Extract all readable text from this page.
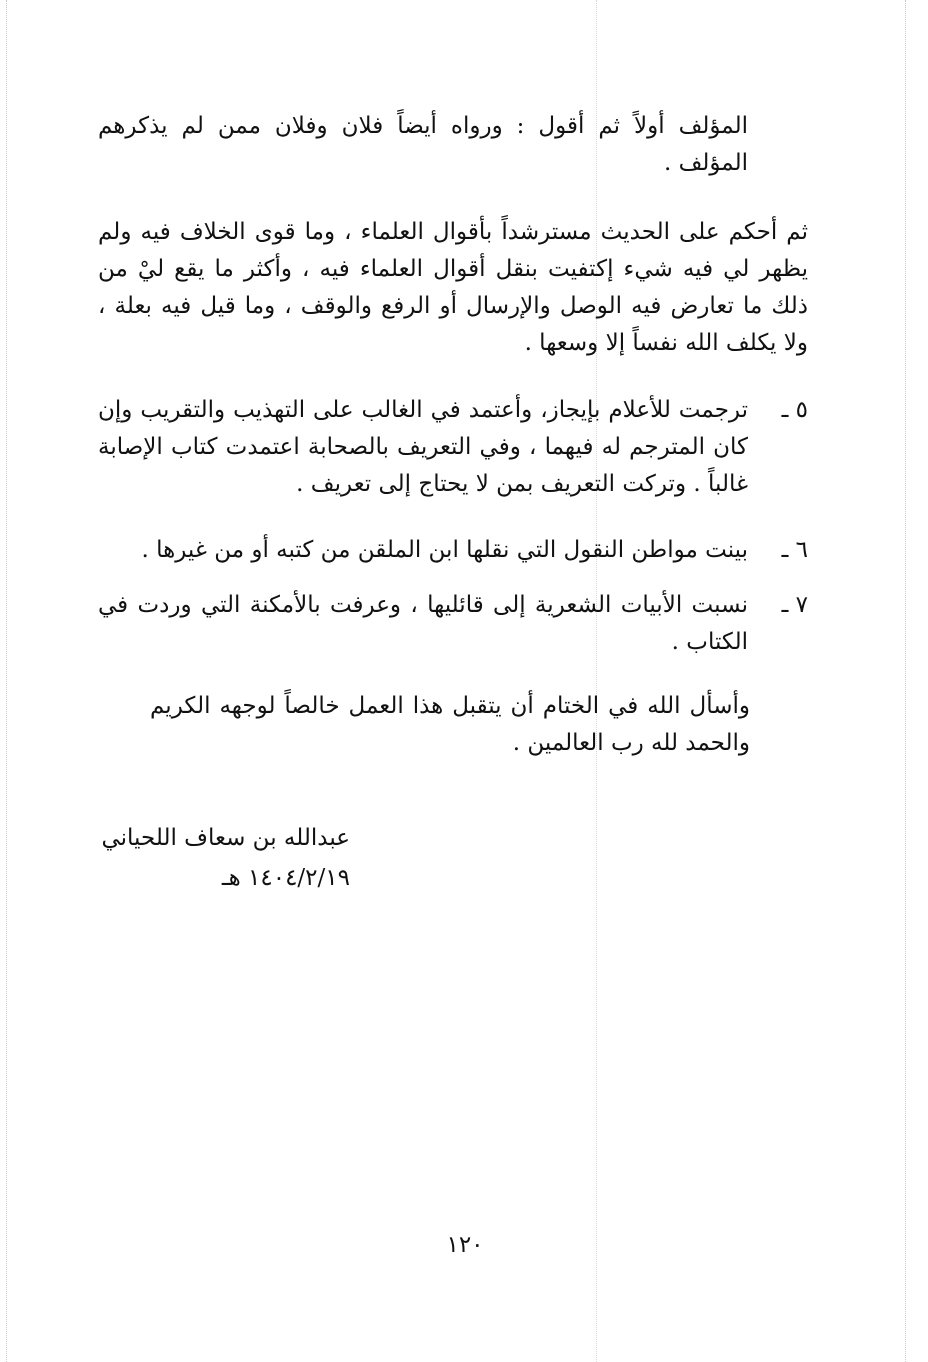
المؤلف أولاً ثم أقول : ورواه أيضاً فلان وفلان ممن لم يذكرهم
المؤلف .
ثم أحكم على الحديث مسترشداً بأقوال العلماء ، وما قوى الخلاف فيه ولم
يظهر لي فيه شيء إكتفيت بنقل أقوال العلماء فيه ، وأكثر ما يقع ليْ من
ذلك ما تعارض فيه الوصل والإرسال أو الرفع والوقف ، وما قيل فيه بعلة ،
ولا يكلف الله نفساً إلا وسعها .
٥ ـ
ترجمت للأعلام بإيجاز، وأعتمد في الغالب على التهذيب والتقريب وإن
كان المترجم له فيهما ، وفي التعريف بالصحابة اعتمدت كتاب الإصابة
غالباً . وتركت التعريف بمن لا يحتاج إلى تعريف .
٦ ـ
بينت مواطن النقول التي نقلها ابن الملقن من كتبه أو من غيرها .
٧ ـ
نسبت الأبيات الشعرية إلى قائليها ، وعرفت بالأمكنة التي وردت في
الكتاب .
وأسأل الله في الختام أن يتقبل هذا العمل خالصاً لوجهه الكريم
والحمد لله رب العالمين .
عبدالله بن سعاف اللحياني
١٤٠٤/٢/١٩ هـ
١٢٠
